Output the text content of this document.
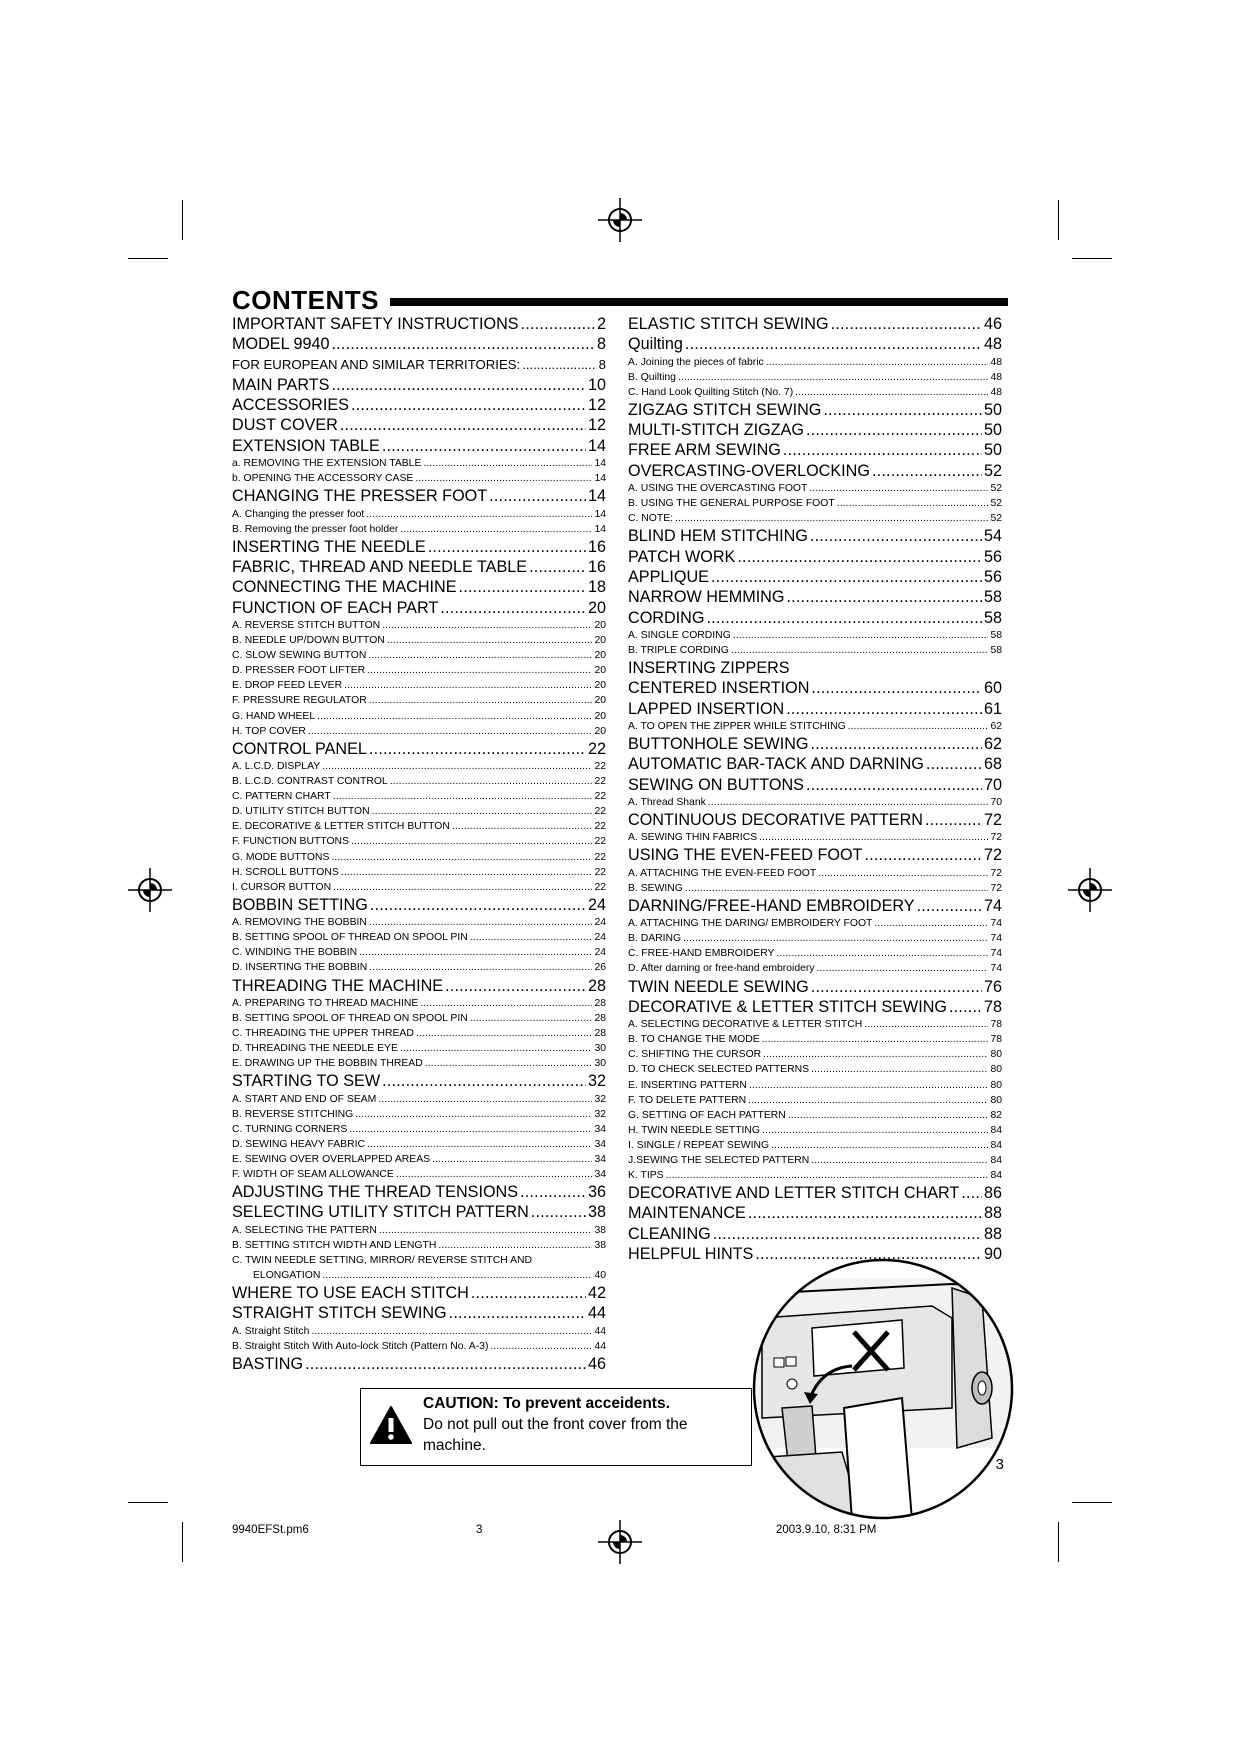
CONTENTS
IMPORTANT SAFETY INSTRUCTIONS .....	2
MODEL 9940 .....	8
FOR EUROPEAN AND SIMILAR TERRITORIES: .....	8
MAIN PARTS .....	10
ACCESSORIES .....	12
DUST COVER .....	12
EXTENSION TABLE .....	14
a. REMOVING THE EXTENSION TABLE .....	14
b. OPENING THE ACCESSORY CASE .....	14
CHANGING THE PRESSER FOOT .....	14
A. Changing the presser foot .....	14
B. Removing the presser foot holder .....	14
INSERTING THE NEEDLE .....	16
FABRIC, THREAD AND NEEDLE TABLE .....	16
CONNECTING THE MACHINE .....	18
FUNCTION OF EACH PART .....	20
A. REVERSE STITCH BUTTON .....	20
B. NEEDLE UP/DOWN BUTTON .....	20
C. SLOW SEWING BUTTON .....	20
D. PRESSER FOOT LIFTER .....	20
E. DROP FEED LEVER .....	20
F. PRESSURE REGULATOR .....	20
G. HAND WHEEL .....	20
H. TOP COVER .....	20
CONTROL PANEL .....	22
A. L.C.D. DISPLAY .....	22
B. L.C.D. CONTRAST CONTROL .....	22
C. PATTERN CHART .....	22
D. UTILITY STITCH BUTTON .....	22
E. DECORATIVE & LETTER STITCH BUTTON .....	22
F. FUNCTION BUTTONS .....	22
G. MODE BUTTONS .....	22
H. SCROLL BUTTONS .....	22
I. CURSOR BUTTON .....	22
BOBBIN SETTING .....	24
A. REMOVING THE BOBBIN .....	24
B. SETTING SPOOL OF THREAD ON SPOOL PIN .....	24
C. WINDING THE BOBBIN .....	24
D. INSERTING THE BOBBIN .....	26
THREADING THE MACHINE .....	28
A. PREPARING TO THREAD MACHINE .....	28
B. SETTING SPOOL OF THREAD ON SPOOL PIN .....	28
C. THREADING THE UPPER THREAD .....	28
D. THREADING THE NEEDLE EYE .....	30
E. DRAWING UP THE BOBBIN THREAD .....	30
STARTING TO SEW .....	32
A. START AND END OF SEAM .....	32
B. REVERSE STITCHING .....	32
C. TURNING CORNERS .....	34
D. SEWING HEAVY FABRIC .....	34
E. SEWING OVER OVERLAPPED AREAS .....	34
F. WIDTH OF SEAM ALLOWANCE .....	34
ADJUSTING THE THREAD TENSIONS .....	36
SELECTING UTILITY STITCH PATTERN .....	38
A. SELECTING THE PATTERN .....	38
B. SETTING STITCH WIDTH AND LENGTH .....	38
C. TWIN NEEDLE SETTING, MIRROR/ REVERSE STITCH AND
ELONGATION .....	40
WHERE TO USE EACH STITCH .....	42
STRAIGHT STITCH SEWING .....	44
A. Straight Stitch .....	44
B. Straight Stitch With Auto-lock Stitch (Pattern No. A-3) .....	44
BASTING .....	46
ELASTIC STITCH SEWING .....	46
Quilting .....	48
A. Joining the pieces of fabric .....	48
B. Quilting .....	48
C. Hand Look Quilting Stitch (No. 7) .....	48
ZIGZAG STITCH SEWING .....	50
MULTI-STITCH ZIGZAG .....	50
FREE ARM SEWING .....	50
OVERCASTING-OVERLOCKING .....	52
A. USING THE OVERCASTING FOOT .....	52
B. USING THE GENERAL PURPOSE FOOT .....	52
C. NOTE: .....	52
BLIND HEM STITCHING .....	54
PATCH WORK .....	56
APPLIQUE .....	56
NARROW HEMMING .....	58
CORDING .....	58
A. SINGLE CORDING .....	58
B. TRIPLE CORDING .....	58
INSERTING ZIPPERS
CENTERED INSERTION .....	60
LAPPED INSERTION .....	61
A. TO OPEN THE ZIPPER WHILE STITCHING .....	62
BUTTONHOLE SEWING .....	62
AUTOMATIC BAR-TACK AND DARNING .....	68
SEWING ON BUTTONS .....	70
A. Thread Shank .....	70
CONTINUOUS DECORATIVE PATTERN .....	72
A. SEWING THIN FABRICS .....	72
USING THE EVEN-FEED FOOT .....	72
A. ATTACHING THE EVEN-FEED FOOT .....	72
B. SEWING .....	72
DARNING/FREE-HAND EMBROIDERY .....	74
A. ATTACHING THE DARING/ EMBROIDERY FOOT .....	74
B. DARING .....	74
C. FREE-HAND EMBROIDERY .....	74
D. After darning or free-hand embroidery .....	74
TWIN NEEDLE SEWING .....	76
DECORATIVE & LETTER STITCH SEWING ..... 78
A. SELECTING DECORATIVE & LETTER STITCH .....	78
B. TO CHANGE THE MODE .....	78
C. SHIFTING THE CURSOR .....	80
D. TO CHECK SELECTED PATTERNS .....	80
E. INSERTING PATTERN .....	80
F. TO DELETE PATTERN .....	80
G. SETTING OF EACH PATTERN .....	82
H. TWIN NEEDLE SETTING .....	84
I. SINGLE / REPEAT SEWING .....	84
J.SEWING THE SELECTED PATTERN .....	84
K. TIPS .....	84
DECORATIVE AND LETTER STITCH CHART ..... 86
MAINTENANCE .....	88
CLEANING .....	88
HELPFUL HINTS .....	90
CAUTION: To prevent acceidents.
Do not pull out the front cover from the machine.
3
9940EFSt.pm6	3	2003.9.10, 8:31 PM
